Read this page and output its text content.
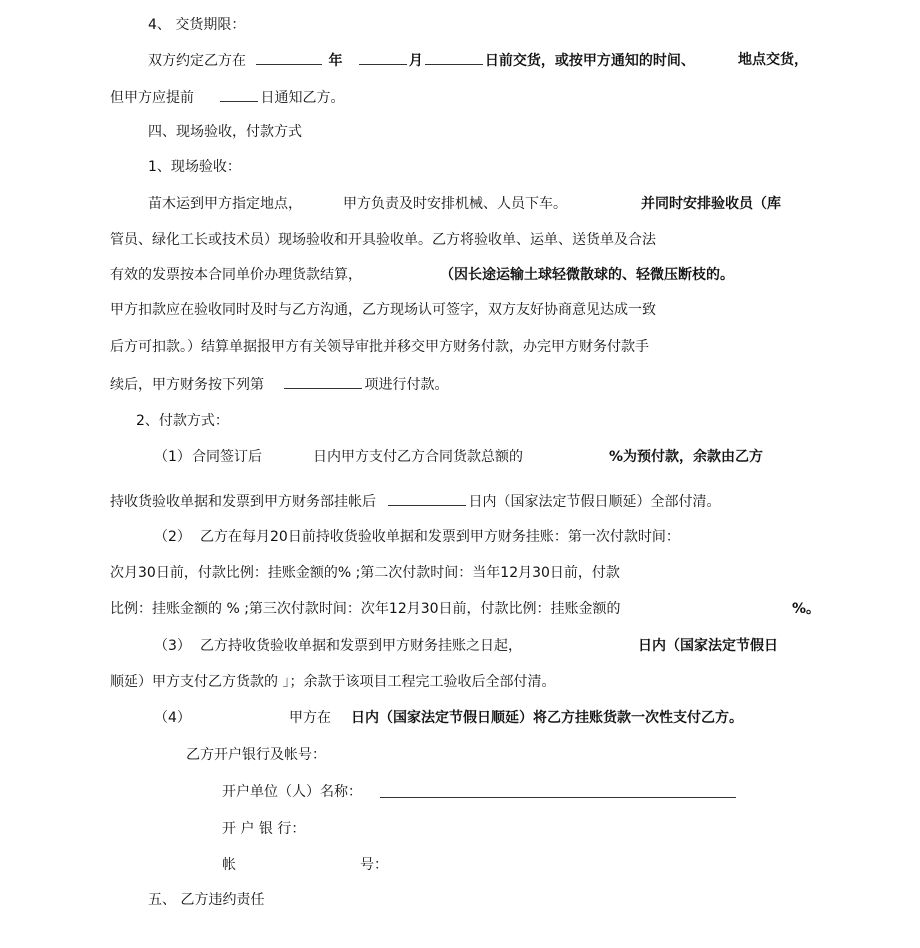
4、 交货期限：
双方约定乙方在	年	月	日前交货，或按甲方通知的时间、	地点交货，
但甲方应提前	日通知乙方。
四、现场验收，付款方式
1、现场验收：
苗木运到甲方指定地点，	甲方负责及时安排机械、人员下车。	并同时安排验收员（库
管员、绿化工长或技术员）现场验收和开具验收单。乙方将验收单、运单、送货单及合法
有效的发票按本合同单价办理货款结算，	（因长途运输土球轻微散球的、轻微压断枝的。
甲方扣款应在验收同时及时与乙方沟通，乙方现场认可签字，双方友好协商意见达成一致
后方可扣款。）结算单据报甲方有关领导审批并移交甲方财务付款，办完甲方财务付款手
续后，甲方财务按下列第	项进行付款。
2、付款方式：
（1） 合同签订后	日内甲方支付乙方合同货款总额的	%为预付款，余款由乙方
持收货验收单据和发票到甲方财务部挂帐后	日内（国家法定节假日顺延）全部付清。
（2） 乙方在每月20日前持收货验收单据和发票到甲方财务挂账：第一次付款时间：
次月30日前，付款比例：挂账金额的% ;第二次付款时间：当年12月30日前，付款
比例：挂账金额的 % ;第三次付款时间：次年12月30日前，付款比例：挂账金额的	%。
（3） 乙方持收货验收单据和发票到甲方财务挂账之日起，	日内（国家法定节假日
顺延）甲方支付乙方货款的 」；余款于该项目工程完工验收后全部付清。
（4）	甲方在 日内（国家法定节假日顺延）将乙方挂账货款一次性支付乙方。
乙方开户银行及帐号：
开户单位（人）名称：
开 户 银 行：
帐	号：
五、 乙方违约责任
